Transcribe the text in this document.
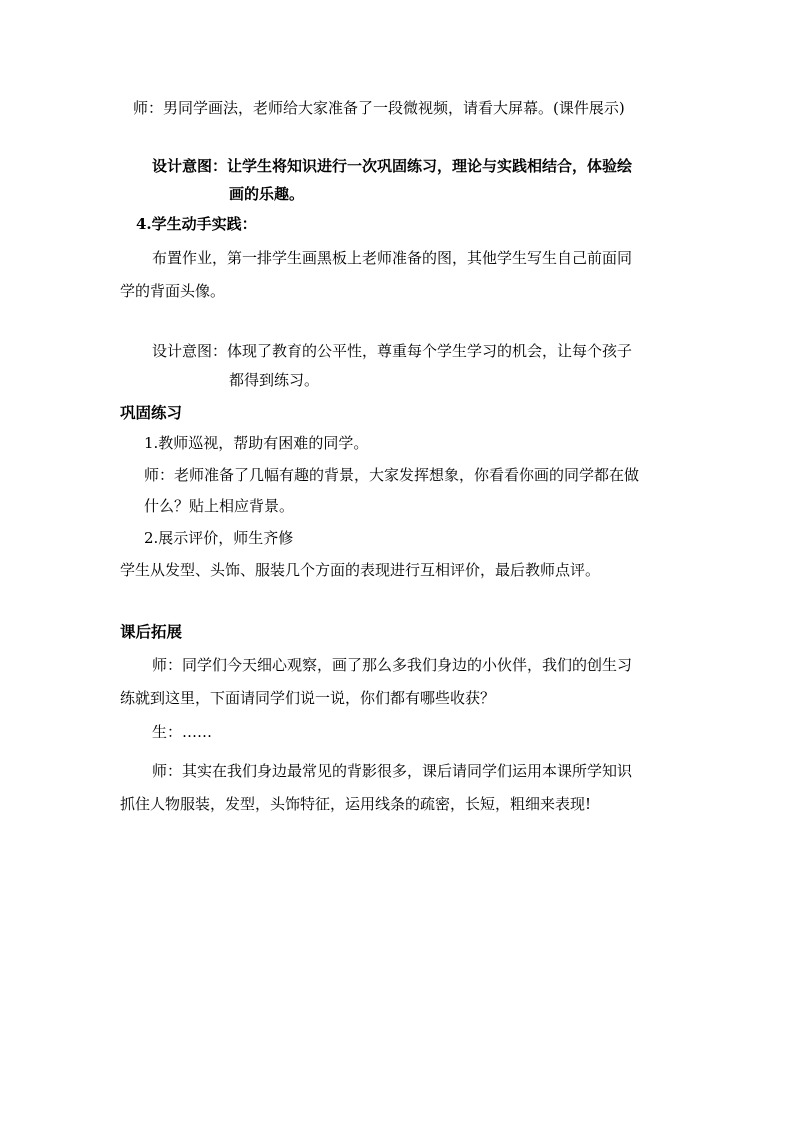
师：男同学画法，老师给大家准备了一段微视频，请看大屏幕。(课件展示)
设计意图：让学生将知识进行一次巩固练习，理论与实践相结合，体验绘
画的乐趣。
4.学生动手实践：
布置作业，第一排学生画黑板上老师准备的图，其他学生写生自己前面同
学的背面头像。
设计意图：体现了教育的公平性，尊重每个学生学习的机会，让每个孩子
都得到练习。
巩固练习
1.教师巡视，帮助有困难的同学。
师：老师准备了几幅有趣的背景，大家发挥想象，你看看你画的同学都在做
什么？贴上相应背景。
2.展示评价，师生齐修
学生从发型、头饰、服装几个方面的表现进行互相评价，最后教师点评。
课后拓展
师：同学们今天细心观察，画了那么多我们身边的小伙伴，我们的创生习
练就到这里，下面请同学们说一说，你们都有哪些收获？
生：……
师：其实在我们身边最常见的背影很多，课后请同学们运用本课所学知识
抓住人物服装，发型，头饰特征，运用线条的疏密，长短，粗细来表现!
